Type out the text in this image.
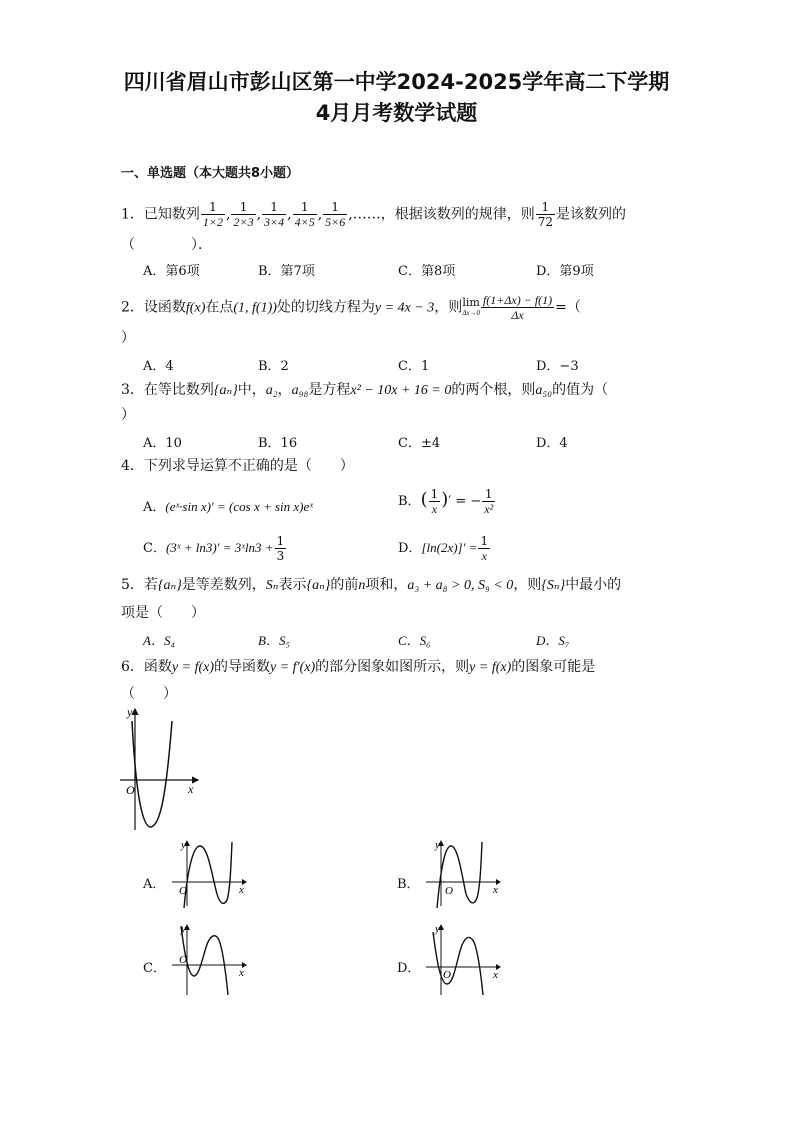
四川省眉山市彭山区第一中学2024-2025学年高二下学期
4月月考数学试题
一、单选题（本大题共8小题）
1．已知数列 $\frac{1}{1\times 2}$ , $\frac{1}{2\times 3}$ , $\frac{1}{3\times 4}$ , $\frac{1}{4\times 5}$ , $\frac{1}{5\times 6}$ ,……，根据该数列的规律，则 $\frac{1}{72}$ 是该数列的
（　　　　）．
A．第6项	B．第7项	C．第8项	D．第9项
2．设函数f(x)在点(1, f(1))处的切线方程为y = 4x − 3，则 lim
$\Delta x\to 0 \frac{f(1+\Delta x) - f(1)}{\Delta x}$ =（
）
A．4	B．2	C．1	D．−3
3．在等比数列{aₙ}中，a₂，a₉₈是方程x² − 10x + 16 = 0的两个根，则a₅₀的值为（
）
A．10	B．16	C．±4	D．4
4．下列求导运算不正确的是（　　）
A．(eˣ·sin x)′ = (cos x + sin x)eˣ	B．( $\frac{1}{x}$ )′ = − $\frac{1}{\text{x²}}$
C．(3ˣ + ln3)′ = 3ˣln3 + $\frac{1}{3}$	D．$[\ln(2x)]' = \frac{1}{x}$
5．若{aₙ}是等差数列，Sₙ表示{aₙ}的前n项和，a₃ + a₈ > 0, S₉ < 0，则{Sₙ}中最小的
项是（　　）
A．S₄	B．S₅	C．S₆	D．S₇
6．函数y = f(x)的导函数y = f′(x)的部分图象如图所示，则y = f(x)的图象可能是
（　　）
y
x
O
A．
y
x
O	B．
y
x
O
C．
y
x
O
D．
y
x
O
